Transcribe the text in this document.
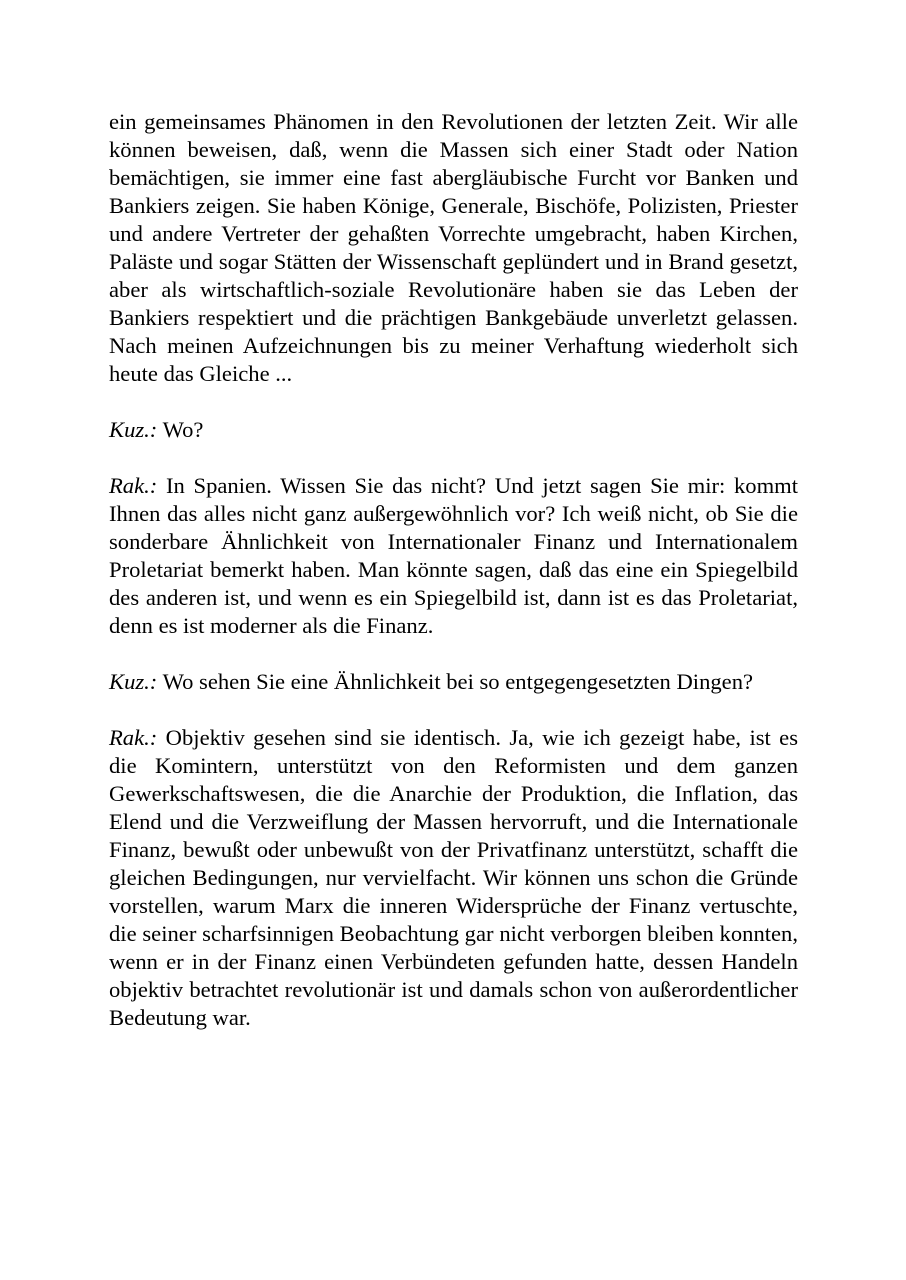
ein gemeinsames Phänomen in den Revolutionen der letzten Zeit. Wir alle können beweisen, daß, wenn die Massen sich einer Stadt oder Nation bemächtigen, sie immer eine fast abergläubische Furcht vor Banken und Bankiers zeigen. Sie haben Könige, Generale, Bischöfe, Polizisten, Priester und andere Vertreter der gehaßten Vorrechte umgebracht, haben Kirchen, Paläste und sogar Stätten der Wissenschaft geplündert und in Brand gesetzt, aber als wirtschaftlich-soziale Revolutionäre haben sie das Leben der Bankiers respektiert und die prächtigen Bankgebäude unverletzt gelassen. Nach meinen Aufzeichnungen bis zu meiner Verhaftung wiederholt sich heute das Gleiche ...

Kuz.: Wo?

Rak.: In Spanien. Wissen Sie das nicht? Und jetzt sagen Sie mir: kommt Ihnen das alles nicht ganz außergewöhnlich vor? Ich weiß nicht, ob Sie die sonderbare Ähnlichkeit von Internationaler Finanz und Internationalem Proletariat bemerkt haben. Man könnte sagen, daß das eine ein Spiegelbild des anderen ist, und wenn es ein Spiegelbild ist, dann ist es das Proletariat, denn es ist moderner als die Finanz.

Kuz.: Wo sehen Sie eine Ähnlichkeit bei so entgegengesetzten Dingen?

Rak.: Objektiv gesehen sind sie identisch. Ja, wie ich gezeigt habe, ist es die Komintern, unterstützt von den Reformisten und dem ganzen Gewerkschaftswesen, die die Anarchie der Produktion, die Inflation, das Elend und die Verzweiflung der Massen hervorruft, und die Internationale Finanz, bewußt oder unbewußt von der Privatfinanz unterstützt, schafft die gleichen Bedingungen, nur vervielfacht. Wir können uns schon die Gründe vorstellen, warum Marx die inneren Widersprüche der Finanz vertuschte, die seiner scharfsinnigen Beobachtung gar nicht verborgen bleiben konnten, wenn er in der Finanz einen Verbündeten gefunden hatte, dessen Handeln objektiv betrachtet revolutionär ist und damals schon von außerordentlicher Bedeutung war.
